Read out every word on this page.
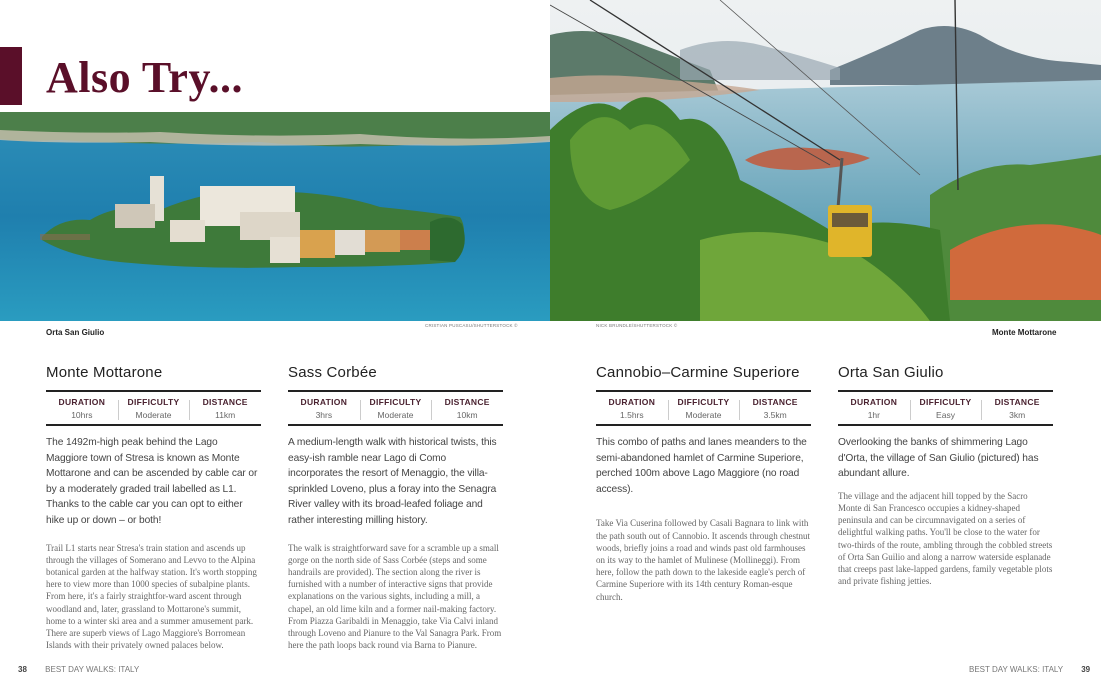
Also Try...
Orta San Giulio
CRISTIAN PUSCASU/SHUTTERSTOCK ©	NICK BRUNDLE/SHUTTERSTOCK ©
Monte Mottarone
Monte Mottarone
DURATION
10hrs
DIFFICULTY
Moderate
DISTANCE
11km

The 1492m-high peak behind the Lago Maggiore town of Stresa is known as Monte Mottarone and can be ascended by cable car or by a moderately graded trail labelled as L1. Thanks to the cable car you can opt to either hike up or down – or both!

Trail L1 starts near Stresa's train station and ascends up through the villages of Somerano and Levvo to the Alpina botanical garden at the halfway station. It's worth stopping here to view more than 1000 species of subalpine plants. From here, it's a fairly straightfor-ward ascent through woodland and, later, grassland to Mottarone's summit, home to a winter ski area and a summer amusement park. There are superb views of Lago Maggiore's Borromean Islands with their privately owned palaces below.

Sass Corbée
DURATION
3hrs
DIFFICULTY
Moderate
DISTANCE
10km

A medium-length walk with historical twists, this easy-ish ramble near Lago di Como incorporates the resort of Menaggio, the villa-sprinkled Loveno, plus a foray into the Senagra River valley with its broad-leafed foliage and rather interesting milling history.

The walk is straightforward save for a scramble up a small gorge on the north side of Sass Corbée (steps and some handrails are provided). The section along the river is furnished with a number of interactive signs that provide explanations on the various sights, including a mill, a chapel, an old lime kiln and a former nail-making factory. From Piazza Garibaldi in Menaggio, take Via Calvi inland through Loveno and Pianure to the Val Sanagra Park. From here the path loops back round via Barna to Pianure.

Cannobio–Carmine Superiore
DURATION
1.5hrs
DIFFICULTY
Moderate
DISTANCE
3.5km

This combo of paths and lanes meanders to the semi-abandoned hamlet of Carmine Superiore, perched 100m above Lago Maggiore (no road access).

Take Via Cuserina followed by Casali Bagnara to link with the path south out of Cannobio. It ascends through chestnut woods, briefly joins a road and winds past old farmhouses on its way to the hamlet of Mulinese (Mollineggi). From here, follow the path down to the lakeside eagle's perch of Carmine Superiore with its 14th century Roman-esque church.

Orta San Giulio
DURATION
1hr
DIFFICULTY
Easy
DISTANCE
3km

Overlooking the banks of shimmering Lago d'Orta, the village of San Giulio (pictured) has abundant allure.

The village and the adjacent hill topped by the Sacro Monte di San Francesco occupies a kidney-shaped peninsula and can be circumnavigated on a series of delightful walking paths. You'll be close to the water for two-thirds of the route, ambling through the cobbled streets of Orta San Guilio and along a narrow waterside esplanade that creeps past lake-lapped gardens, family vegetable plots and private fishing jetties.

38 BEST DAY WALKS: ITALY	BEST DAY WALKS: ITALY 39
